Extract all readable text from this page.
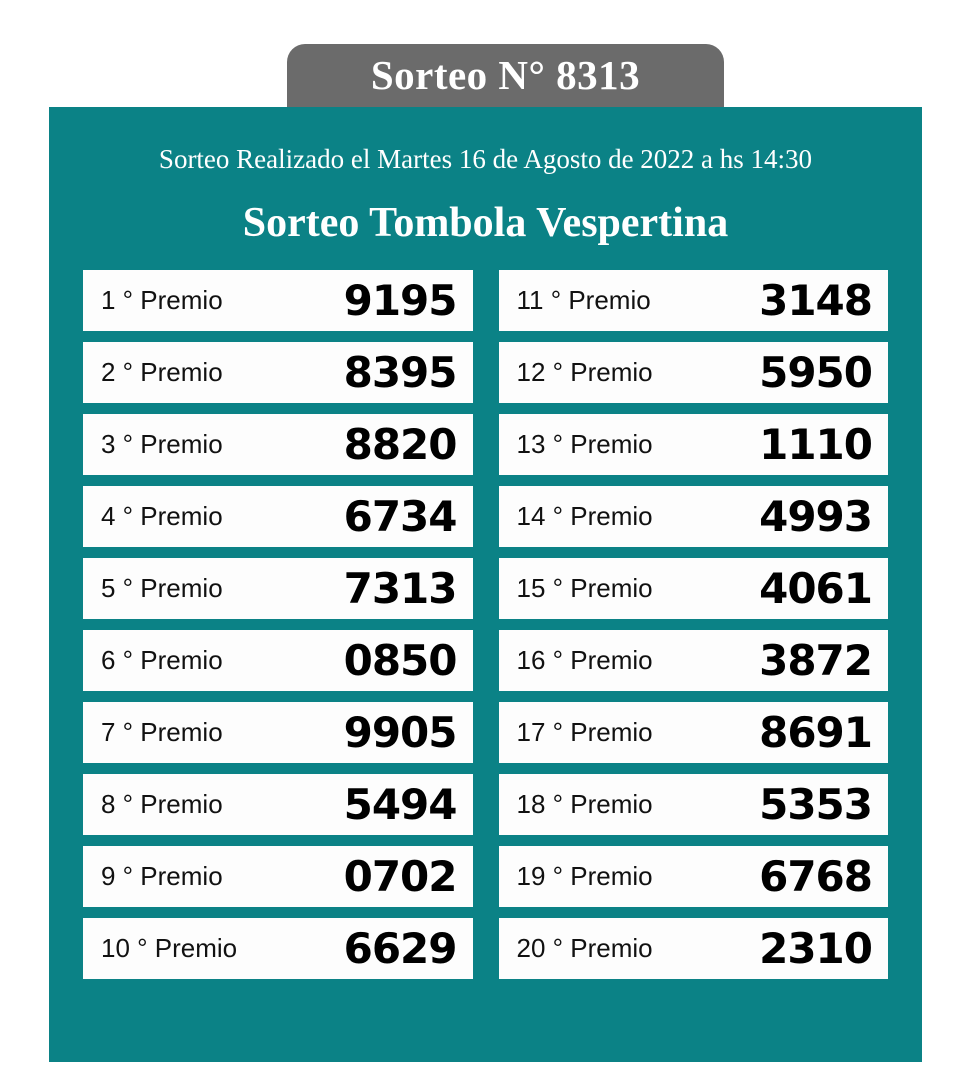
Sorteo N° 8313

Sorteo Realizado el Martes 16 de Agosto de 2022 a hs 14:30

Sorteo Tombola Vespertina
1 ° Premio	9195
2 ° Premio	8395
3 ° Premio	8820
4 ° Premio	6734
5 ° Premio	7313
6 ° Premio	0850
7 ° Premio	9905
8 ° Premio	5494
9 ° Premio	0702
10 ° Premio	6629
11 ° Premio	3148
12 ° Premio	5950
13 ° Premio	1110
14 ° Premio	4993
15 ° Premio	4061
16 ° Premio	3872
17 ° Premio	8691
18 ° Premio	5353
19 ° Premio	6768
20 ° Premio	2310
